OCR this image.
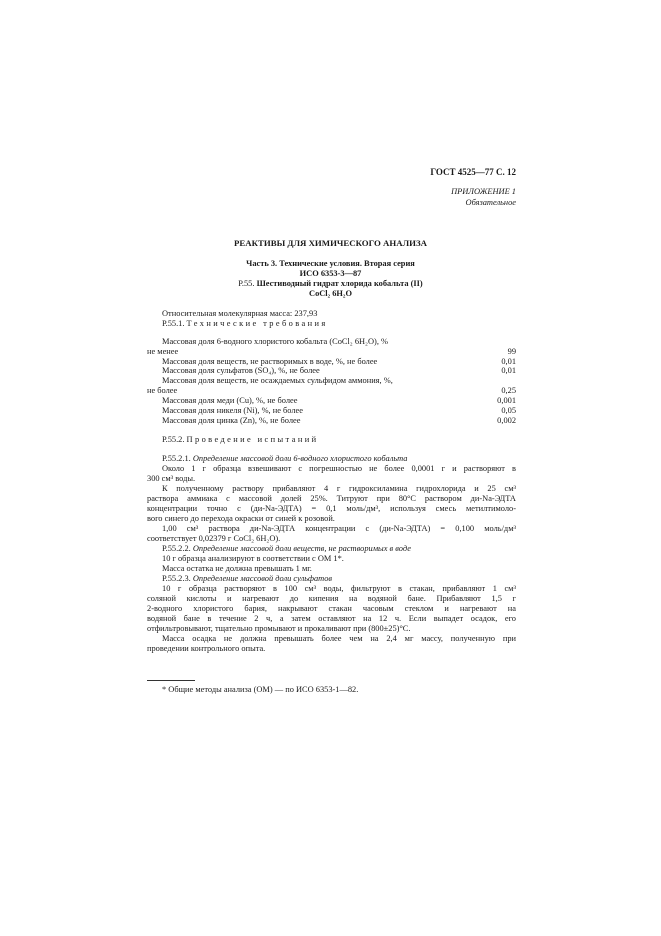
ГОСТ 4525—77 С. 12
ПРИЛОЖЕНИЕ 1
Обязательное
РЕАКТИВЫ ДЛЯ ХИМИЧЕСКОГО АНАЛИЗА
Часть 3. Технические условия. Вторая серия
ИСО 6353-3—87
Р.55. Шестиводный гидрат хлорида кобальта (II)
CoCl₂ 6H₂O
Относительная молекулярная масса: 237,93
Р.55.1. Технические требования
Массовая доля 6-водного хлористого кобальта (CoCl₂ 6H₂O), %
не менее	99
Массовая доля веществ, не растворимых в воде, %, не более	0,01
Массовая доля сульфатов (SO₄), %, не более	0,01
Массовая доля веществ, не осаждаемых сульфидом аммония, %,
не более	0,25
Массовая доля меди (Cu), %, не более	0,001
Массовая доля никеля (Ni), %, не более	0,05
Массовая доля цинка (Zn), %, не более	0,002
Р.55.2. Проведение испытаний
Р.55.2.1. Определение массовой доли 6-водного хлористого кобальта
Около 1 г образца взвешивают с погрешностью не более 0,0001 г и растворяют в
300 см³ воды.
К полученному раствору прибавляют 4 г гидроксиламина гидрохлорида и 25 см³
раствора аммиака с массовой долей 25%. Титруют при 80°С раствором ди-Na-ЭДТА
концентрации точно c (ди-Na-ЭДТА) = 0,1 моль/дм³, используя смесь метилтимоло-
вого синего до перехода окраски от синей к розовой.
1,00 см³ раствора ди-Na-ЭДТА концентрации c (ди-Na-ЭДТА) = 0,100 моль/дм³
соответствует 0,02379 г CoCl₂ 6H₂O).
Р.55.2.2. Определение массовой доли веществ, не растворимых в воде
10 г образца анализируют в соответствии с ОМ 1*.
Масса остатка не должна превышать 1 мг.
Р.55.2.3. Определение массовой доли сульфатов
10 г образца растворяют в 100 см³ воды, фильтруют в стакан, прибавляют 1 см³
соляной кислоты и нагревают до кипения на водяной бане. Прибавляют 1,5 г
2-водного хлористого бария, накрывают стакан часовым стеклом и нагревают на
водяной бане в течение 2 ч, а затем оставляют на 12 ч. Если выпадет осадок, его
отфильтровывают, тщательно промывают и прокаливают при (800±25)°С.
Масса осадка не должна превышать более чем на 2,4 мг массу, полученную при
проведении контрольного опыта.
* Общие методы анализа (ОМ) — по ИСО 6353-1—82.
